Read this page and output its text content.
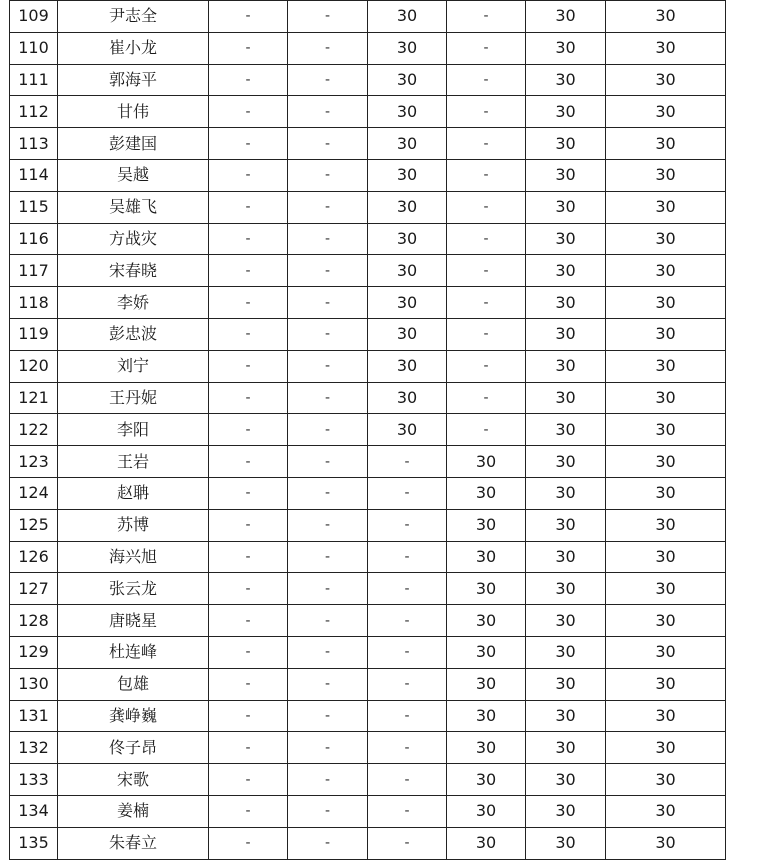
109	尹志全	-	-	30	-	30	30
110	崔小龙	-	-	30	-	30	30
111	郭海平	-	-	30	-	30	30
112	甘伟	-	-	30	-	30	30
113	彭建国	-	-	30	-	30	30
114	吴越	-	-	30	-	30	30
115	吴雄飞	-	-	30	-	30	30
116	方战灾	-	-	30	-	30	30
117	宋春晓	-	-	30	-	30	30
118	李娇	-	-	30	-	30	30
119	彭忠波	-	-	30	-	30	30
120	刘宁	-	-	30	-	30	30
121	王丹妮	-	-	30	-	30	30
122	李阳	-	-	30	-	30	30
123	王岩	-	-	-	30	30	30
124	赵聃	-	-	-	30	30	30
125	苏博	-	-	-	30	30	30
126	海兴旭	-	-	-	30	30	30
127	张云龙	-	-	-	30	30	30
128	唐晓星	-	-	-	30	30	30
129	杜连峰	-	-	-	30	30	30
130	包雄	-	-	-	30	30	30
131	龚峥巍	-	-	-	30	30	30
132	佟子昂	-	-	-	30	30	30
133	宋歌	-	-	-	30	30	30
134	姜楠	-	-	-	30	30	30
135	朱春立	-	-	-	30	30	30
